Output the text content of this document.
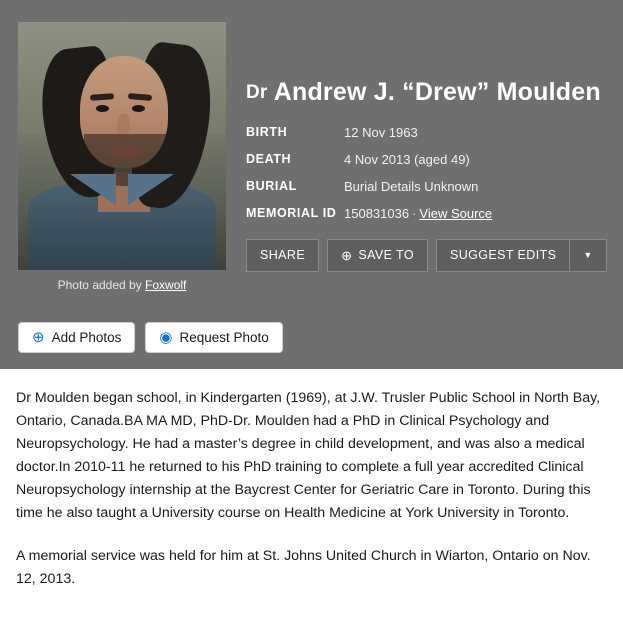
Photo added by Foxwolf
⊕ Add Photos	◉ Request Photo
Dr Andrew J. “Drew” Moulden
BIRTH	12 Nov 1963
DEATH	4 Nov 2013 (aged 49)
BURIAL	Burial Details Unknown
MEMORIAL ID 150831036 · View Source
SHARE	⊕ SAVE TO	SUGGEST EDITS	▼

Dr Moulden began school, in Kindergarten (1969), at J.W. Trusler Public School in North Bay, Ontario, Canada.BA MA MD, PhD-Dr. Moulden had a PhD in Clinical Psychology and Neuropsychology. He had a master’s degree in child development, and was also a medical doctor.In 2010-11 he returned to his PhD training to complete a full year accredited Clinical Neuropsychology internship at the Baycrest Center for Geriatric Care in Toronto. During this time he also taught a University course on Health Medicine at York University in Toronto.

A memorial service was held for him at St. Johns United Church in Wiarton, Ontario on Nov. 12, 2013.
